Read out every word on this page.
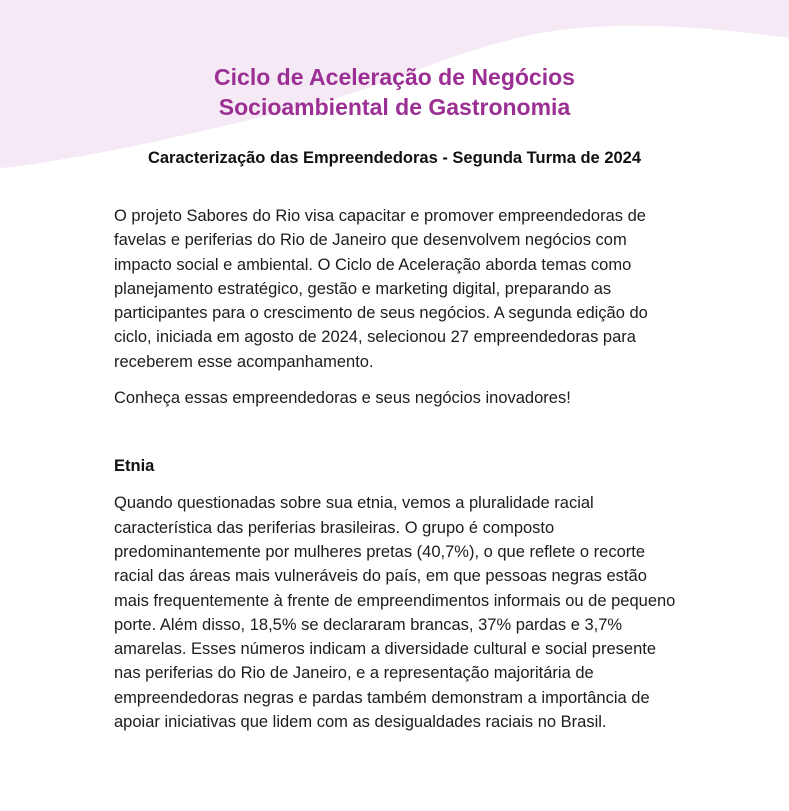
Ciclo de Aceleração de Negócios
Socioambiental de Gastronomia
Caracterização das Empreendedoras - Segunda Turma de 2024

O projeto Sabores do Rio visa capacitar e promover empreendedoras de favelas e periferias do Rio de Janeiro que desenvolvem negócios com impacto social e ambiental. O Ciclo de Aceleração aborda temas como planejamento estratégico, gestão e marketing digital, preparando as participantes para o crescimento de seus negócios. A segunda edição do ciclo, iniciada em agosto de 2024, selecionou 27 empreendedoras para receberem esse acompanhamento.

Conheça essas empreendedoras e seus negócios inovadores!

Etnia

Quando questionadas sobre sua etnia, vemos a pluralidade racial característica das periferias brasileiras. O grupo é composto predominantemente por mulheres pretas (40,7%), o que reflete o recorte racial das áreas mais vulneráveis do país, em que pessoas negras estão mais frequentemente à frente de empreendimentos informais ou de pequeno porte. Além disso, 18,5% se declararam brancas, 37% pardas e 3,7% amarelas. Esses números indicam a diversidade cultural e social presente nas periferias do Rio de Janeiro, e a representação majoritária de empreendedoras negras e pardas também demonstram a importância de apoiar iniciativas que lidem com as desigualdades raciais no Brasil.
